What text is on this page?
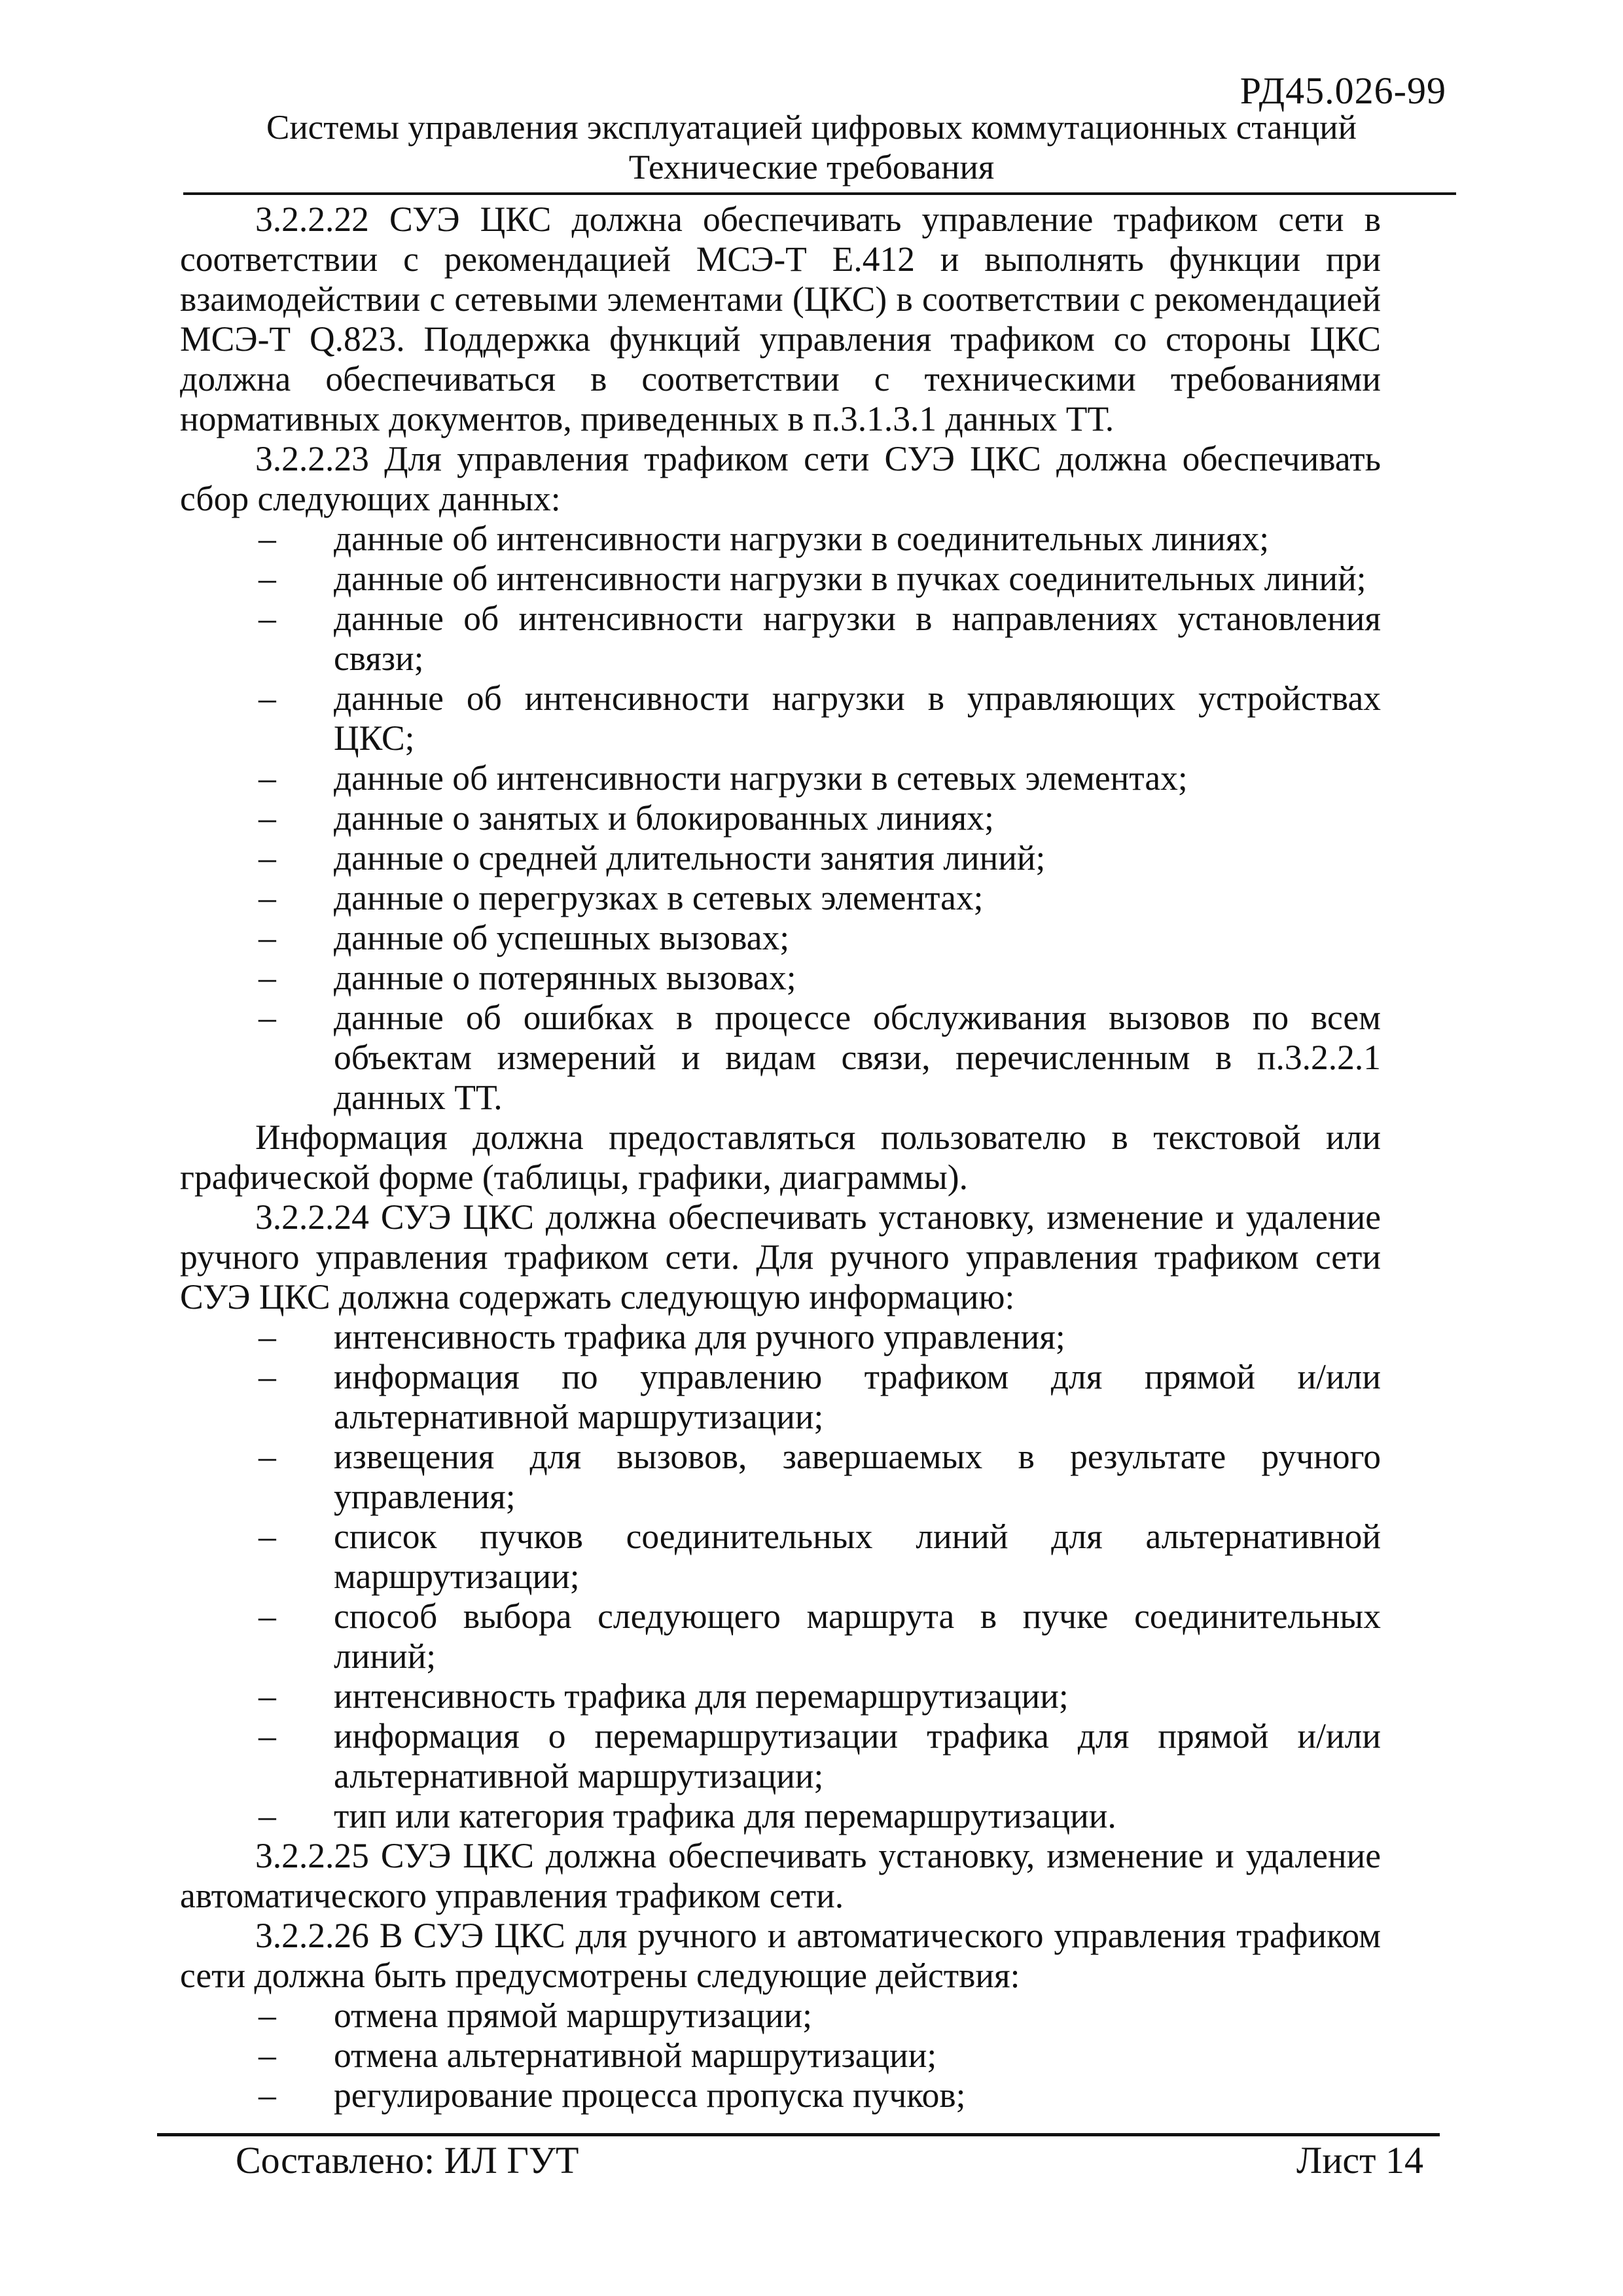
РД45.026-99
Системы управления эксплуатацией цифровых коммутационных станций
Технические требования

3.2.2.22 СУЭ ЦКС должна обеспечивать управление трафиком сети в соответствии с рекомендацией МСЭ-Т Е.412 и выполнять функции при взаимодействии с сетевыми элементами (ЦКС) в соответствии с рекомендацией МСЭ-Т Q.823. Поддержка функций управления трафиком со стороны ЦКС должна обеспечиваться в соответствии с техническими требованиями нормативных документов, приведенных в п.3.1.3.1 данных ТТ.

3.2.2.23 Для управления трафиком сети СУЭ ЦКС должна обеспечивать сбор следующих данных:

– данные об интенсивности нагрузки в соединительных линиях;
– данные об интенсивности нагрузки в пучках соединительных линий;
– данные об интенсивности нагрузки в направлениях установления связи;
– данные об интенсивности нагрузки в управляющих устройствах ЦКС;
– данные об интенсивности нагрузки в сетевых элементах;
– данные о занятых и блокированных линиях;
– данные о средней длительности занятия линий;
– данные о перегрузках в сетевых элементах;
– данные об успешных вызовах;
– данные о потерянных вызовах;
– данные об ошибках в процессе обслуживания вызовов по всем объектам измерений и видам связи, перечисленным в п.3.2.2.1 данных ТТ.

Информация должна предоставляться пользователю в текстовой или графической форме (таблицы, графики, диаграммы).

3.2.2.24 СУЭ ЦКС должна обеспечивать установку, изменение и удаление ручного управления трафиком сети. Для ручного управления трафиком сети СУЭ ЦКС должна содержать следующую информацию:

– интенсивность трафика для ручного управления;
– информация по управлению трафиком для прямой и/или альтернативной маршрутизации;
– извещения для вызовов, завершаемых в результате ручного управления;
– список пучков соединительных линий для альтернативной маршрутизации;
– способ выбора следующего маршрута в пучке соединительных линий;
– интенсивность трафика для перемаршрутизации;
– информация о перемаршрутизации трафика для прямой и/или альтернативной маршрутизации;
– тип или категория трафика для перемаршрутизации.

3.2.2.25 СУЭ ЦКС должна обеспечивать установку, изменение и удаление автоматического управления трафиком сети.

3.2.2.26 В СУЭ ЦКС для ручного и автоматического управления трафиком сети должна быть предусмотрены следующие действия:

– отмена прямой маршрутизации;
– отмена альтернативной маршрутизации;
– регулирование процесса пропуска пучков;
Составлено: ИЛ ГУТ	Лист 14
